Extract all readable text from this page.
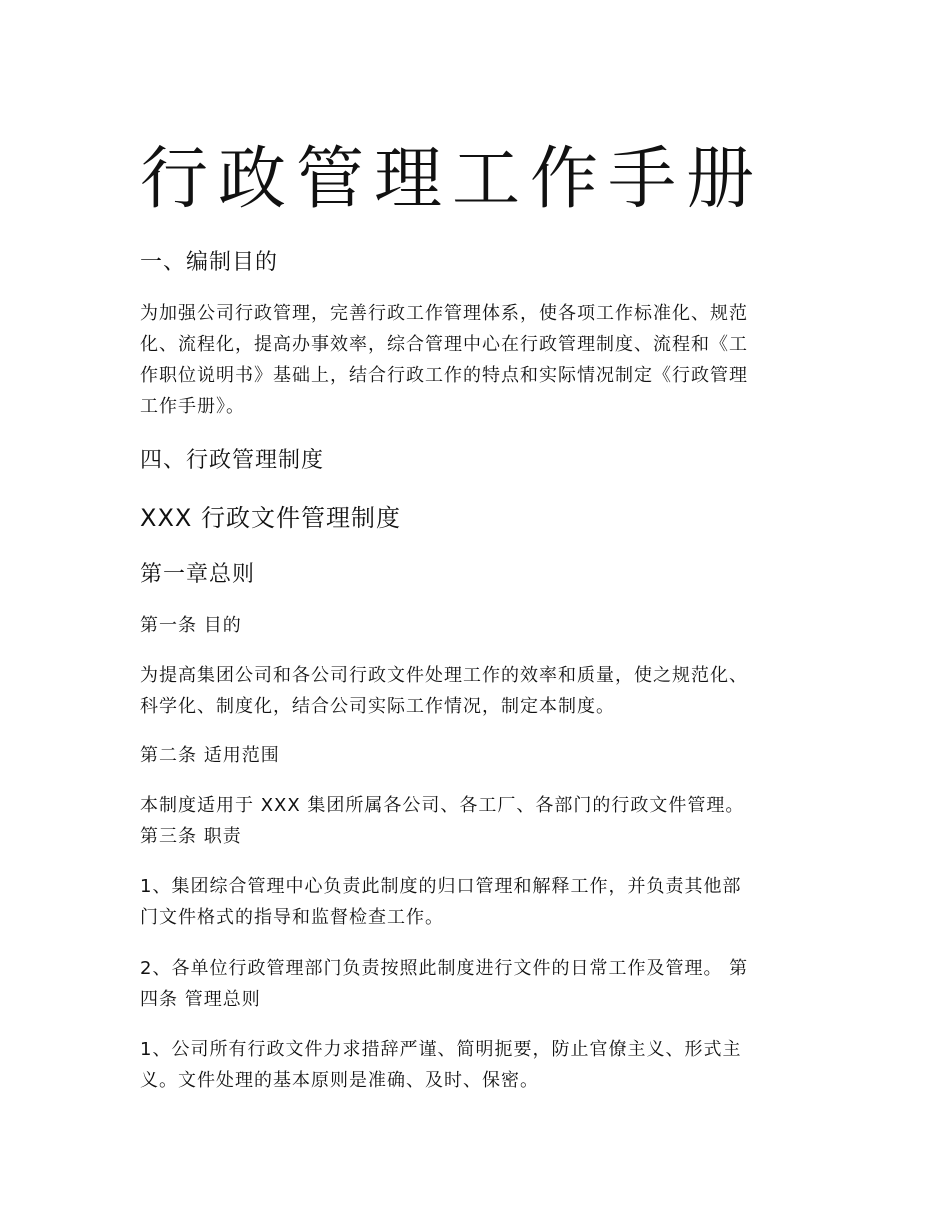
行政管理工作手册
一、编制目的
为加强公司行政管理，完善行政工作管理体系，使各项工作标准化、规范
化、流程化，提高办事效率，综合管理中心在行政管理制度、流程和《工
作职位说明书》基础上，结合行政工作的特点和实际情况制定《行政管理
工作手册》。
四、行政管理制度
XXX 行政文件管理制度
第一章总则
第一条 目的
为提高集团公司和各公司行政文件处理工作的效率和质量，使之规范化、
科学化、制度化，结合公司实际工作情况，制定本制度。
第二条 适用范围
本制度适用于 XXX 集团所属各公司、各工厂、各部门的行政文件管理。
第三条 职责
1、集团综合管理中心负责此制度的归口管理和解释工作，并负责其他部
门文件格式的指导和监督检查工作。
2、各单位行政管理部门负责按照此制度进行文件的日常工作及管理。 第
四条 管理总则
1、公司所有行政文件力求措辞严谨、简明扼要，防止官僚主义、形式主
义。文件处理的基本原则是准确、及时、保密。
